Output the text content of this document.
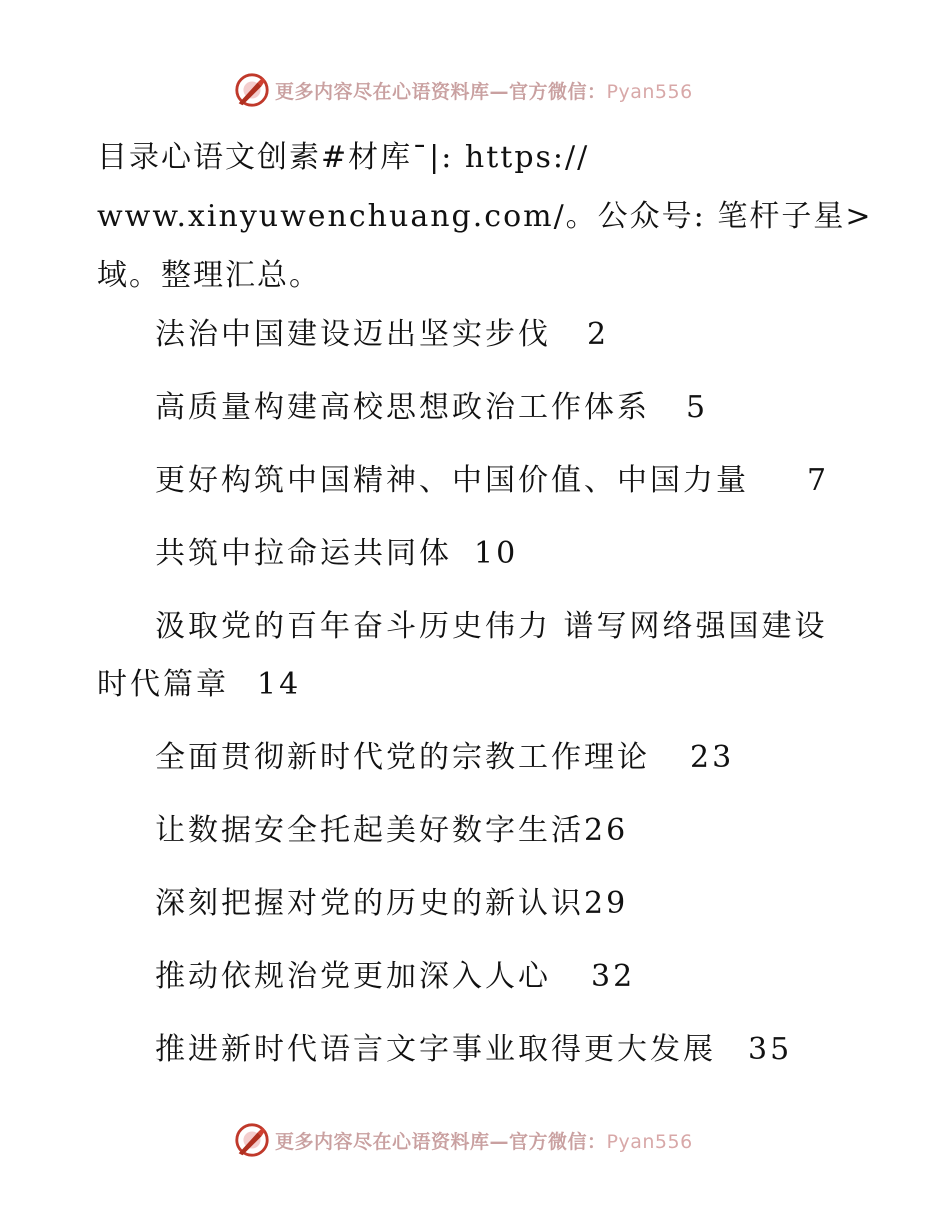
更多内容尽在心语资料库—官方微信：Pyan556

目录心语文创素#材库¯|: https://
www.xinyuwenchuang.com/。公众号: 笔杆子星>
域。整理汇总。

法治中国建设迈出坚实步伐 2
高质量构建高校思想政治工作体系 5
更好构筑中国精神、中国价值、中国力量 7
共筑中拉命运共同体 10
汲取党的百年奋斗历史伟力 谱写网络强国建设时代篇章 14
全面贯彻新时代党的宗教工作理论 23
让数据安全托起美好数字生活26
深刻把握对党的历史的新认识29
推动依规治党更加深入人心 32
推进新时代语言文字事业取得更大发展 35
更多内容尽在心语资料库—官方微信：Pyan556
